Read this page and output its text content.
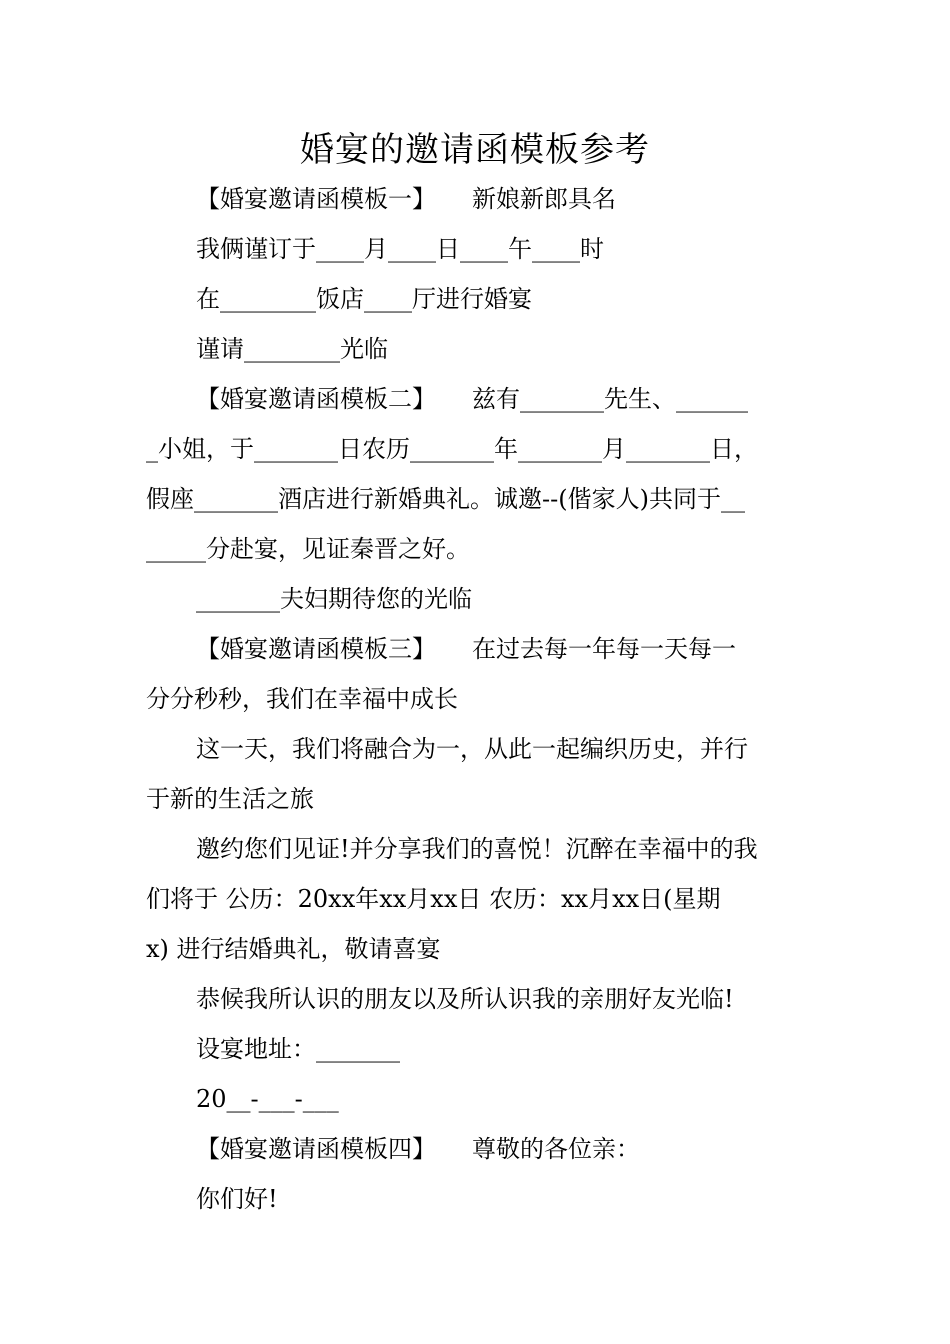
婚宴的邀请函模板参考
【婚宴邀请函模板一】　　新娘新郎具名
我俩谨订于____月____日____午____时
在________饭店____厅进行婚宴
谨请________光临
【婚宴邀请函模板二】　　兹有_______先生、______
_小姐，于_______日农历_______年_______月_______日，
假座_______酒店进行新婚典礼。诚邀--(偕家人)共同于__
_____分赴宴，见证秦晋之好。
_______夫妇期待您的光临
【婚宴邀请函模板三】　　在过去每一年每一天每一
分分秒秒，我们在幸福中成长
这一天，我们将融合为一，从此一起编织历史，并行
于新的生活之旅
邀约您们见证!并分享我们的喜悦！沉醉在幸福中的我
们将于 公历：20xx年xx月xx日 农历：xx月xx日(星期
x) 进行结婚典礼，敬请喜宴
恭候我所认识的朋友以及所认识我的亲朋好友光临!
设宴地址：_______
20__-___-___
【婚宴邀请函模板四】　　尊敬的各位亲：
你们好!
